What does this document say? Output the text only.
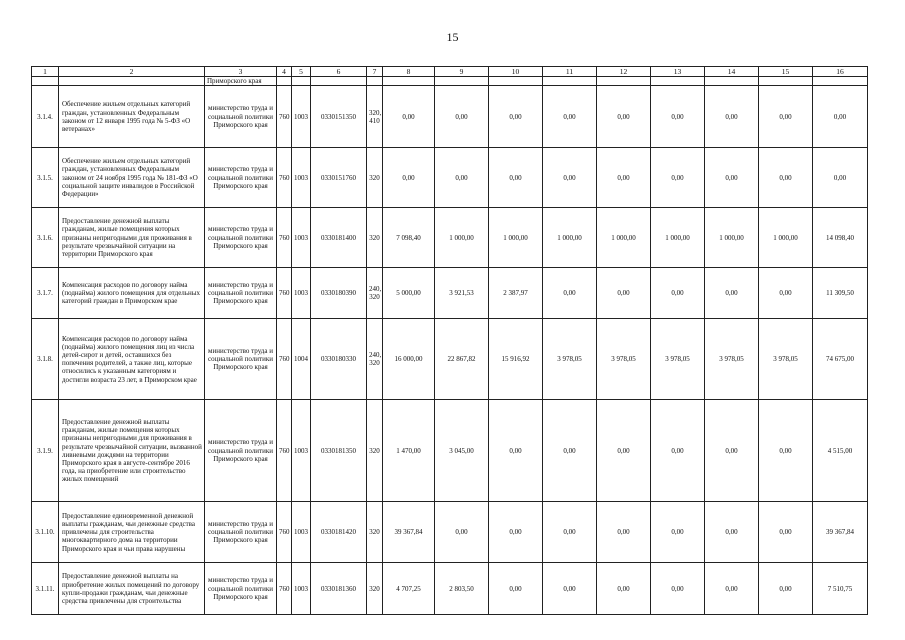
15
1	2	3	4	5	6	7	8	9	10	11	12	13	14	15	16
		Приморского края													
3.1.4.	Обеспечение жильем отдельных категорий граждан, установленных Федеральным законом от 12 января 1995 года № 5-ФЗ «О ветеранах»	министерство труда и социальной политики Приморского края	760	1003	0330151350	320, 410	0,00	0,00	0,00	0,00	0,00	0,00	0,00	0,00	0,00
3.1.5.	Обеспечение жильем отдельных категорий граждан, установленных Федеральным законом от 24 ноября 1995 года № 181-ФЗ «О социальной защите инвалидов в Российской Федерации»	министерство труда и социальной политики Приморского края	760	1003	0330151760	320	0,00	0,00	0,00	0,00	0,00	0,00	0,00	0,00	0,00
3.1.6.	Предоставление денежной выплаты гражданам, жилые помещения которых признаны непригодными для проживания в результате чрезвычайной ситуации на территории Приморского края	министерство труда и социальной политики Приморского края	760	1003	0330181400	320	7 098,40	1 000,00	1 000,00	1 000,00	1 000,00	1 000,00	1 000,00	1 000,00	14 098,40
3.1.7.	Компенсация расходов по договору найма (поднайма) жилого помещения для отдельных категорий граждан в Приморском крае	министерство труда и социальной политики Приморского края	760	1003	0330180390	240, 320	5 000,00	3 921,53	2 387,97	0,00	0,00	0,00	0,00	0,00	11 309,50
3.1.8.	Компенсация расходов по договору найма (поднайма) жилого помещения лиц из числа детей-сирот и детей, оставшихся без попечения родителей, а также лиц, которые относились к указанным категориям и достигли возраста 23 лет, в Приморском крае	министерство труда и социальной политики Приморского края	760	1004	0330180330	240, 320	16 000,00	22 867,82	15 916,92	3 978,05	3 978,05	3 978,05	3 978,05	3 978,05	74 675,00
3.1.9.	Предоставление денежной выплаты гражданам, жилые помещения которых признаны непригодными для проживания в результате чрезвычайной ситуации, вызванной ливневыми дождями на территории Приморского края в августе-сентябре 2016 года, на приобретение или строительство жилых помещений	министерство труда и социальной политики Приморского края	760	1003	0330181350	320	1 470,00	3 045,00	0,00	0,00	0,00	0,00	0,00	0,00	4 515,00
3.1.10.	Предоставление единовременной денежной выплаты гражданам, чьи денежные средства привлечены для строительства многоквартирного дома на территории Приморского края и чьи права нарушены	министерство труда и социальной политики Приморского края	760	1003	0330181420	320	39 367,84	0,00	0,00	0,00	0,00	0,00	0,00	0,00	39 367,84
3.1.11.	Предоставление денежной выплаты на приобретение жилых помещений по договору купли-продажи гражданам, чьи денежные средства привлечены для строительства	министерство труда и социальной политики Приморского края	760	1003	0330181360	320	4 707,25	2 803,50	0,00	0,00	0,00	0,00	0,00	0,00	7 510,75
